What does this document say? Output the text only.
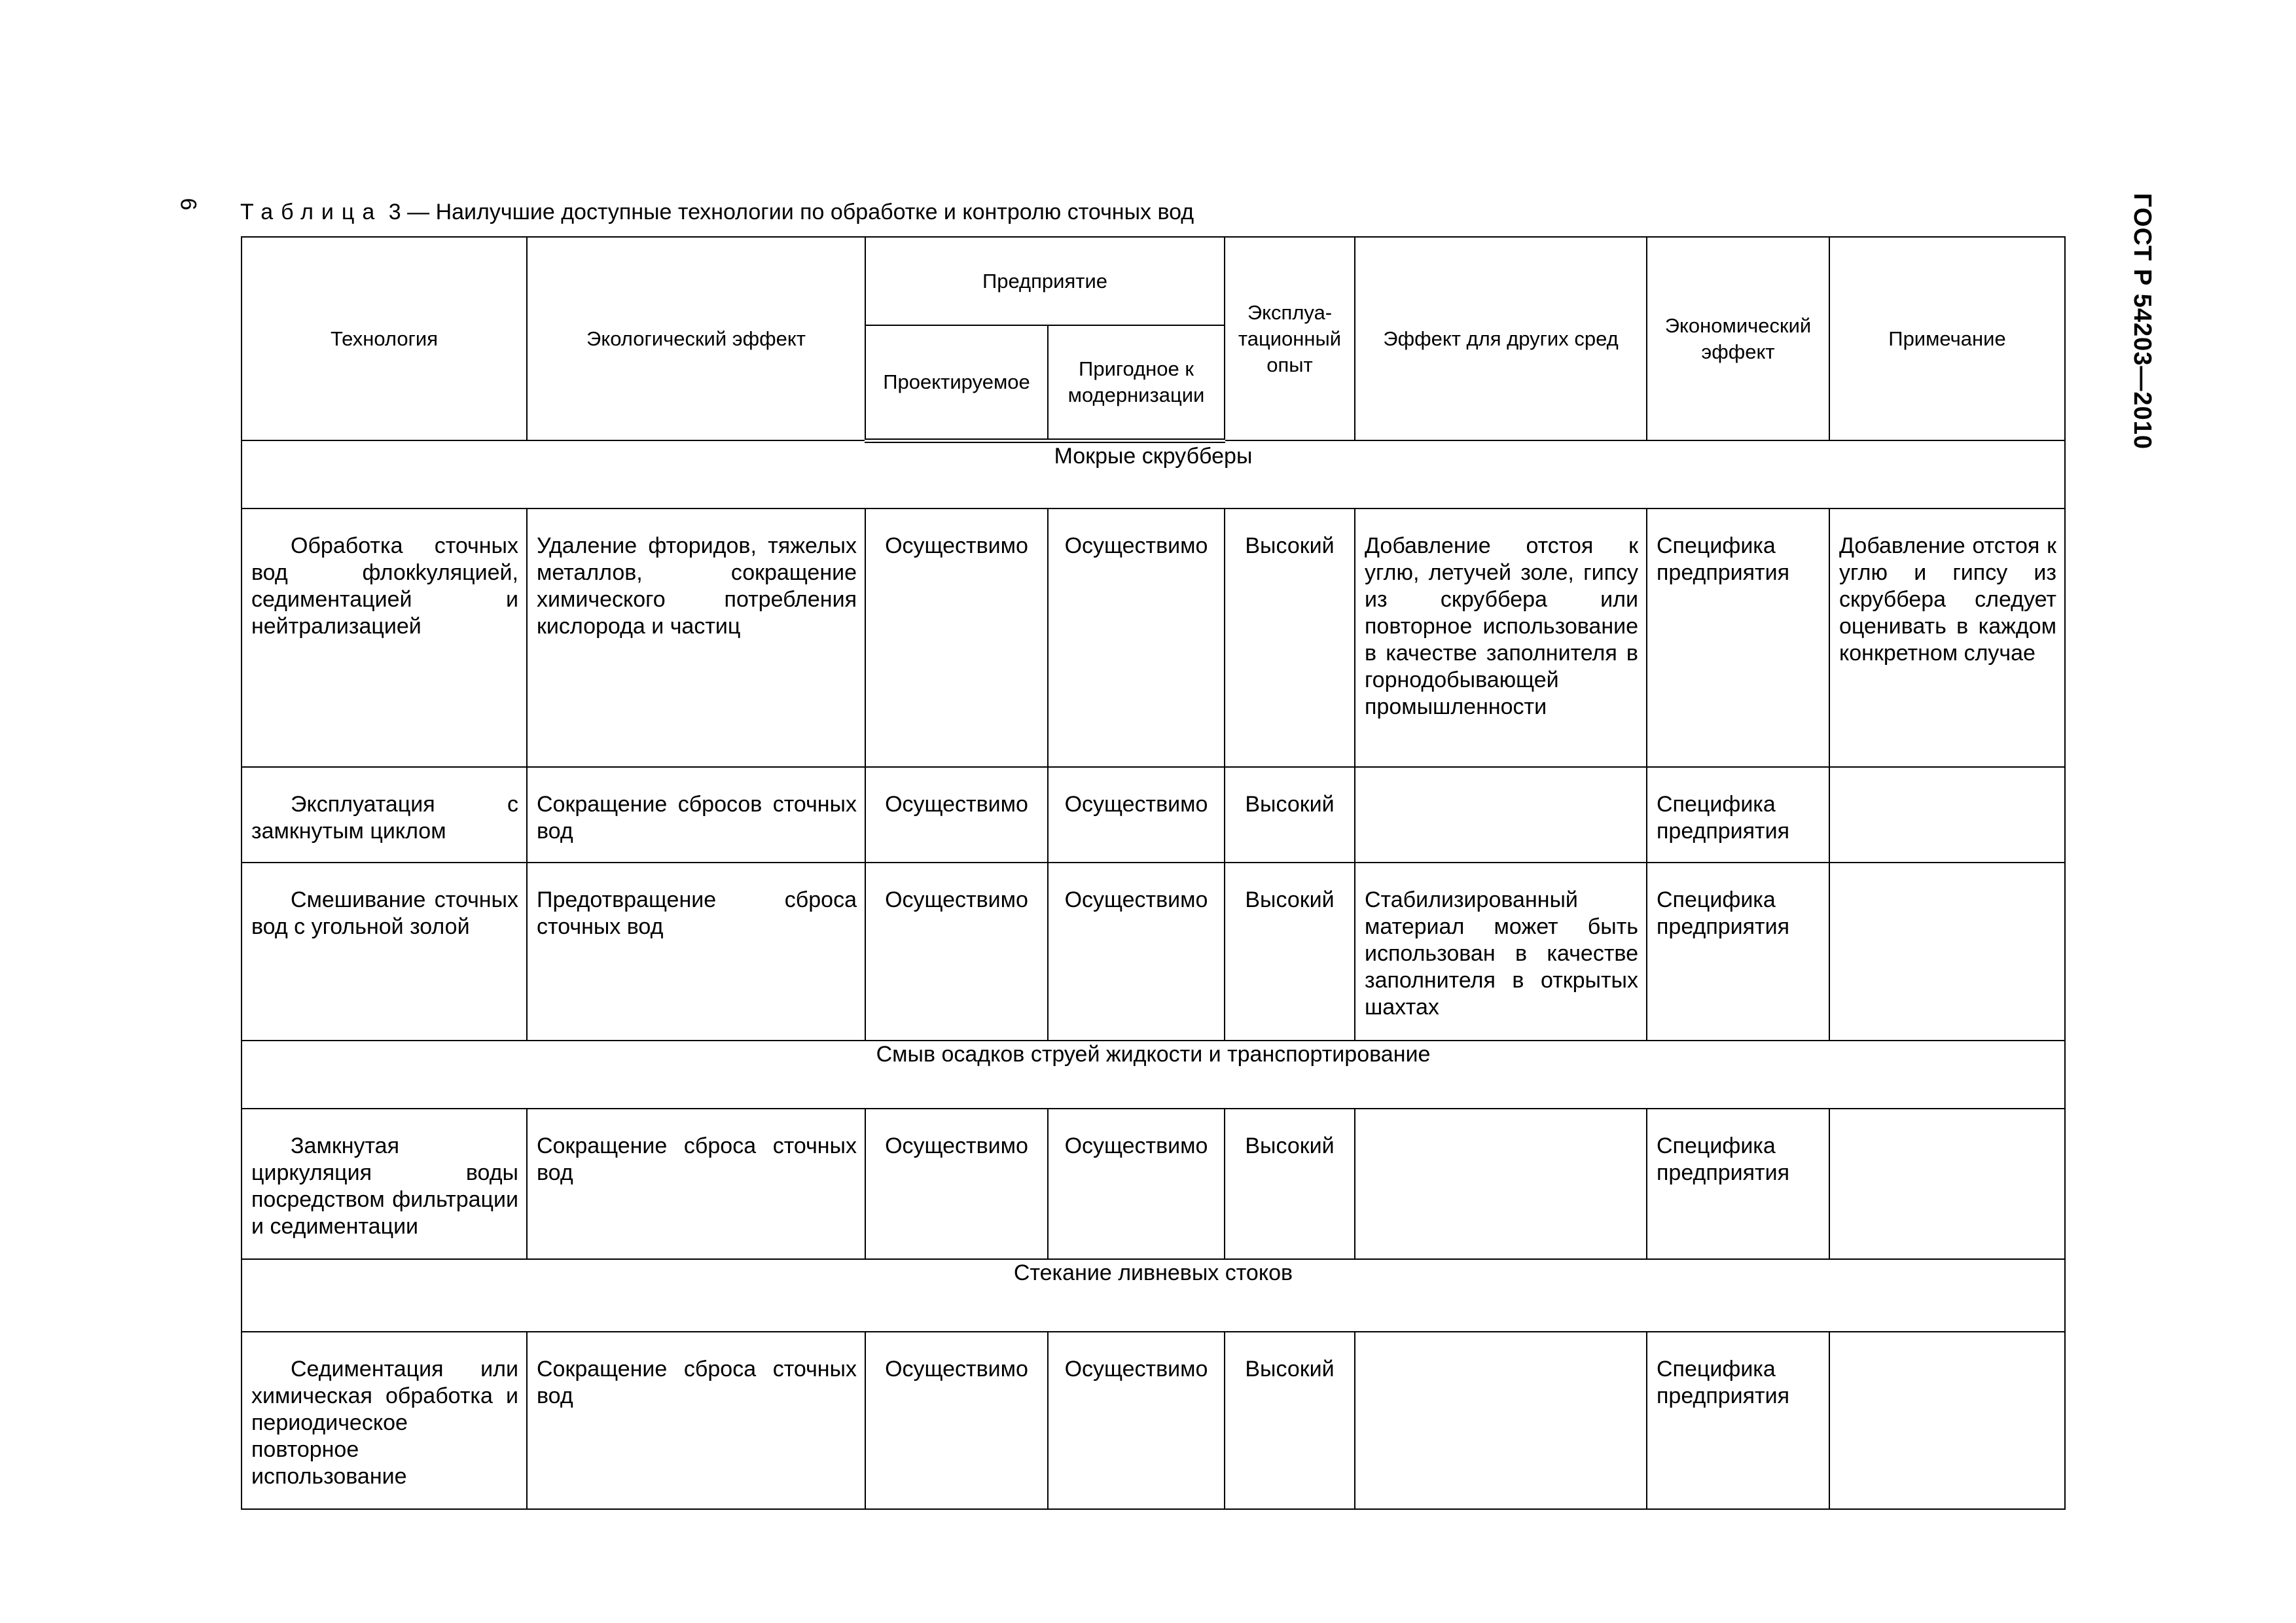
6	ГОСТ Р 54203—2010
Таблица 3 — Наилучшие доступные технологии по обработке и контролю сточных вод
Технология	Экологический эффект	Предприятие		Эксплуа-тационный опыт	Эффект для других сред	Экономический эффект	Примечание
		Проектируемое	Пригодное к модернизации				
Мокрые скрубберы							
Обработка сточных вод флокkуляцией, седиментацией и нейтрализацией	Удаление фторидов, тяжелых металлов, сокращение химического потребления кислорода и частиц	Осуществимо	Осуществимо	Высокий	Добавление отстоя к углю, летучей золе, гипсу из скруббера или повторное использование в качестве заполнителя в горнодобывающей промышленности	Специфика предприятия	Добавление отстоя к углю и гипсу из скруббера следует оценивать в каждом конкретном случае
Эксплуатация с замкнутым циклом	Сокращение сбросов сточных вод	Осуществимо	Осуществимо	Высокий		Специфика предприятия	
Смешивание сточных вод с угольной золой	Предотвращение сброса сточных вод	Осуществимо	Осуществимо	Высокий	Стабилизированный материал может быть использован в качестве заполнителя в открытых шахтах	Специфика предприятия	
Смыв осадков струей жидкости и транспортирование							
Замкнутая циркуляция воды посредством фильтрации и седиментации	Сокращение сброса сточных вод	Осуществимо	Осуществимо	Высокий		Специфика предприятия	
Стекание ливневых стоков							
Седиментация или химическая обработка и периодическое повторное использование	Сокращение сброса сточных вод	Осуществимо	Осуществимо	Высокий		Специфика предприятия	
